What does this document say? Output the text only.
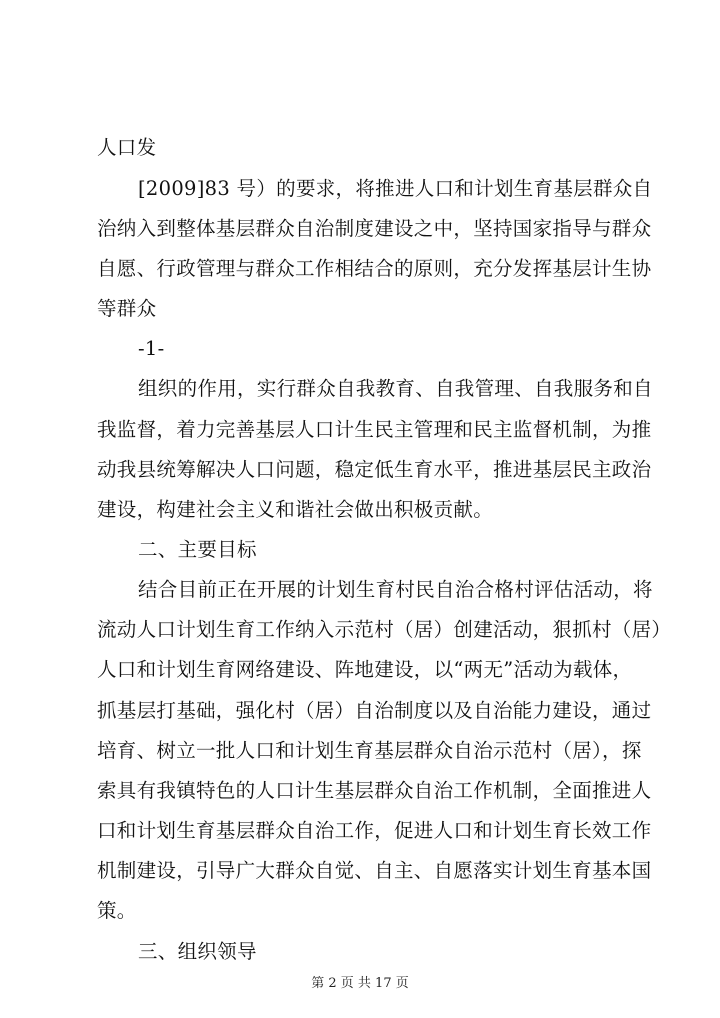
人口发
[2009]83 号）的要求，将推进人口和计划生育基层群众自
治纳入到整体基层群众自治制度建设之中，坚持国家指导与群众
自愿、行政管理与群众工作相结合的原则，充分发挥基层计生协
等群众
-1-
组织的作用，实行群众自我教育、自我管理、自我服务和自
我监督，着力完善基层人口计生民主管理和民主监督机制，为推
动我县统筹解决人口问题，稳定低生育水平，推进基层民主政治
建设，构建社会主义和谐社会做出积极贡献。
二、主要目标
结合目前正在开展的计划生育村民自治合格村评估活动，将
流动人口计划生育工作纳入示范村（居）创建活动，狠抓村（居）
人口和计划生育网络建设、阵地建设，以“两无”活动为载体，
抓基层打基础，强化村（居）自治制度以及自治能力建设，通过
培育、树立一批人口和计划生育基层群众自治示范村（居），探
索具有我镇特色的人口计生基层群众自治工作机制，全面推进人
口和计划生育基层群众自治工作，促进人口和计划生育长效工作
机制建设，引导广大群众自觉、自主、自愿落实计划生育基本国
策。
三、组织领导
第 2 页 共 17 页
